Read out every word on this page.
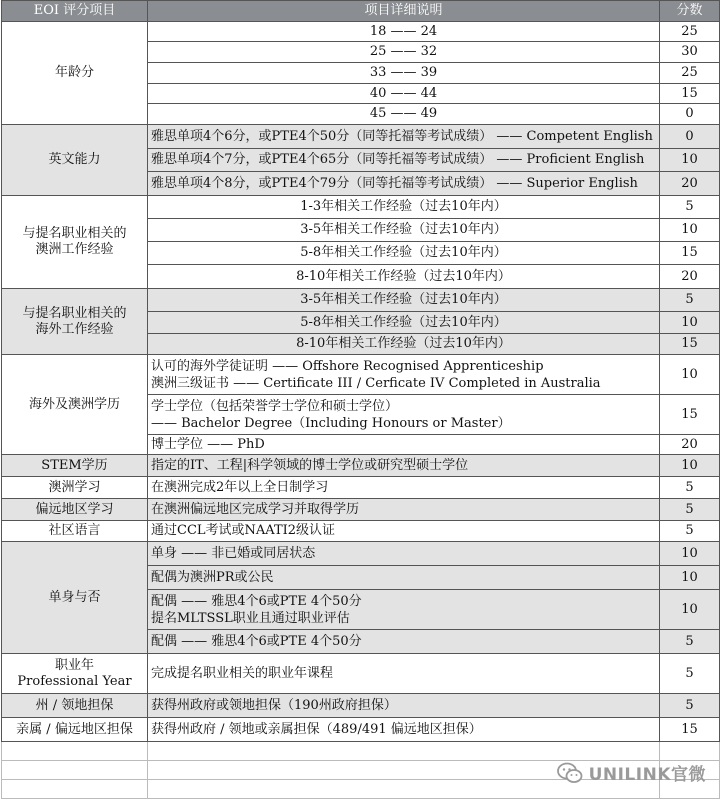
EOI 评分项目	项目详细说明	分数
年龄分	18 —— 24	25
	25 —— 32	30
	33 —— 39	25
	40 —— 44	15
	45 —— 49	0
英文能力	雅思单项4个6分，或PTE4个50分（同等托福等考试成绩） —— Competent English	0
	雅思单项4个7分，或PTE4个65分（同等托福等考试成绩） —— Proficient English	10
	雅思单项4个8分，或PTE4个79分（同等托福等考试成绩） —— Superior English	20

与提名职业相关的
澳洲工作经验	1-3年相关工作经验（过去10年内）	5
	3-5年相关工作经验（过去10年内）	10
	5-8年相关工作经验（过去10年内）	15
	8-10年相关工作经验（过去10年内）	20

与提名职业相关的
海外工作经验	3-5年相关工作经验（过去10年内）	5
	5-8年相关工作经验（过去10年内）	10
	8-10年相关工作经验（过去10年内）	15
海外及澳洲学历	认可的海外学徒证明 —— Offshore Recognised Apprenticeship
澳洲三级证书 —— Certificate III / Cerficate IV Completed in Australia	10

	学士学位（包括荣誉学士学位和硕士学位）
—— Bachelor Degree（Including Honours or Master）	15
	博士学位 —— PhD	20
STEM学历	指定的IT、工程|科学领域的博士学位或研究型硕士学位	10
澳洲学习	在澳洲完成2年以上全日制学习	5
偏远地区学习	在澳洲偏远地区完成学习并取得学历	5
社区语言	通过CCL考试或NAATI2级认证	5
单身与否	单身 —— 非已婚或同居状态	10
	配偶为澳洲PR或公民	10

	配偶 —— 雅思4个6或PTE 4个50分
提名MLTSSL职业且通过职业评估	10
	配偶 —— 雅思4个6或PTE 4个50分	5

职业年
Professional Year	完成提名职业相关的职业年课程	5
州 / 领地担保	获得州政府或领地担保（190州政府担保）	5
亲属 / 偏远地区担保	获得州政府 / 领地或亲属担保（489/491 偏远地区担保）	15

UNILINK官微
